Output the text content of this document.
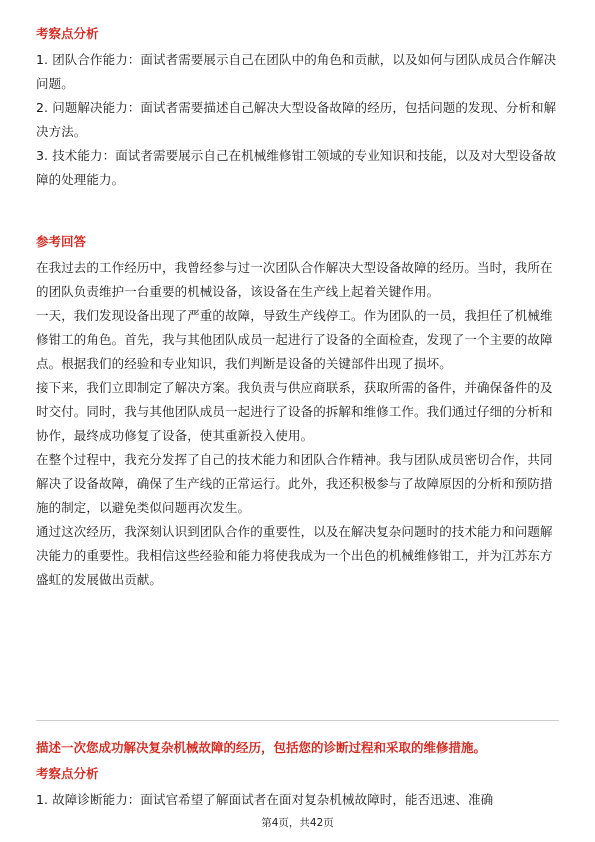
考察点分析

1. 团队合作能力：面试者需要展示自己在团队中的角色和贡献，以及如何与团队成员合作解决问题。

2. 问题解决能力：面试者需要描述自己解决大型设备故障的经历，包括问题的发现、分析和解决方法。

3. 技术能力：面试者需要展示自己在机械维修钳工领域的专业知识和技能，以及对大型设备故障的处理能力。

参考回答

在我过去的工作经历中，我曾经参与过一次团队合作解决大型设备故障的经历。当时，我所在的团队负责维护一台重要的机械设备，该设备在生产线上起着关键作用。

一天，我们发现设备出现了严重的故障，导致生产线停工。作为团队的一员，我担任了机械维修钳工的角色。首先，我与其他团队成员一起进行了设备的全面检查，发现了一个主要的故障点。根据我们的经验和专业知识，我们判断是设备的关键部件出现了损坏。

接下来，我们立即制定了解决方案。我负责与供应商联系，获取所需的备件，并确保备件的及时交付。同时，我与其他团队成员一起进行了设备的拆解和维修工作。我们通过仔细的分析和协作，最终成功修复了设备，使其重新投入使用。

在整个过程中，我充分发挥了自己的技术能力和团队合作精神。我与团队成员密切合作，共同解决了设备故障，确保了生产线的正常运行。此外，我还积极参与了故障原因的分析和预防措施的制定，以避免类似问题再次发生。

通过这次经历，我深刻认识到团队合作的重要性，以及在解决复杂问题时的技术能力和问题解决能力的重要性。我相信这些经验和能力将使我成为一个出色的机械维修钳工，并为江苏东方盛虹的发展做出贡献。

描述一次您成功解决复杂机械故障的经历，包括您的诊断过程和采取的维修措施。
考察点分析

1. 故障诊断能力：面试官希望了解面试者在面对复杂机械故障时，能否迅速、准确

第4页，共42页
